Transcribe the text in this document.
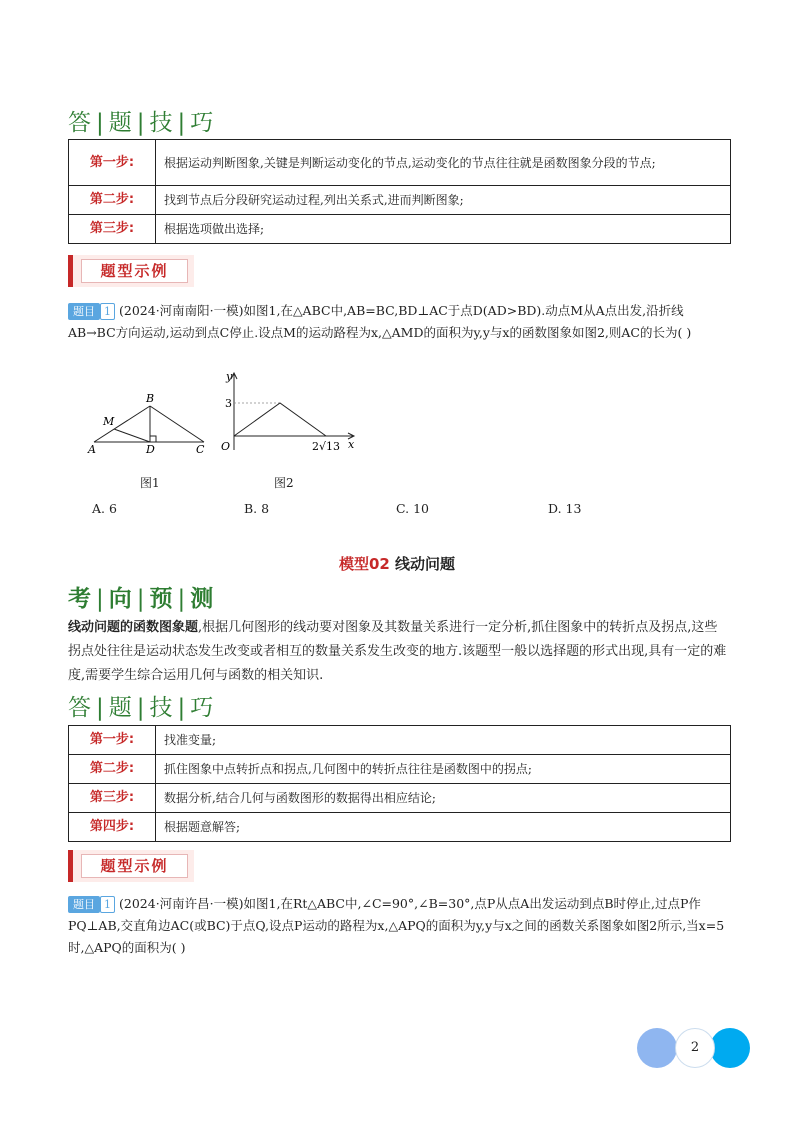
答 | 题 | 技 | 巧
第一步:	根据运动判断图象,关键是判断运动变化的节点,运动变化的节点往往就是函数图象分段的节点;
第二步:	找到节点后分段研究运动过程,列出关系式,进而判断图象;
第三步:	根据选项做出选择;
题型示例
题目 1 (2024·河南南阳·一模)如图1,在△ABC中,AB=BC,BD⊥AC于点D(AD>BD).动点M从A点出发,沿折线AB→BC方向运动,运动到点C停止.设点M的运动路程为x,△AMD的面积为y,y与x的函数图象如图2,则AC的长为( )
A
B
C
D
M
图1
y
x
O
3
2√13
图2
A. 6	B. 8	C. 10	D. 13
模型02 线动问题
考 | 向 | 预 | 测
线动问题的函数图象题,根据几何图形的线动要对图象及其数量关系进行一定分析,抓住图象中的转折点及拐点,这些拐点处往往是运动状态发生改变或者相互的数量关系发生改变的地方.该题型一般以选择题的形式出现,具有一定的难度,需要学生综合运用几何与函数的相关知识.
答 | 题 | 技 | 巧
第一步:	找准变量;
第二步:	抓住图象中点转折点和拐点,几何图中的转折点往往是函数图中的拐点;
第三步:	数据分析,结合几何与函数图形的数据得出相应结论;
第四步:	根据题意解答;
题型示例
题目 1 (2024·河南许昌·一模)如图1,在Rt△ABC中,∠C=90°,∠B=30°,点P从点A出发运动到点B时停止,过点P作PQ⊥AB,交直角边AC(或BC)于点Q,设点P运动的路程为x,△APQ的面积为y,y与x之间的函数关系图象如图2所示,当x=5时,△APQ的面积为( )
2
